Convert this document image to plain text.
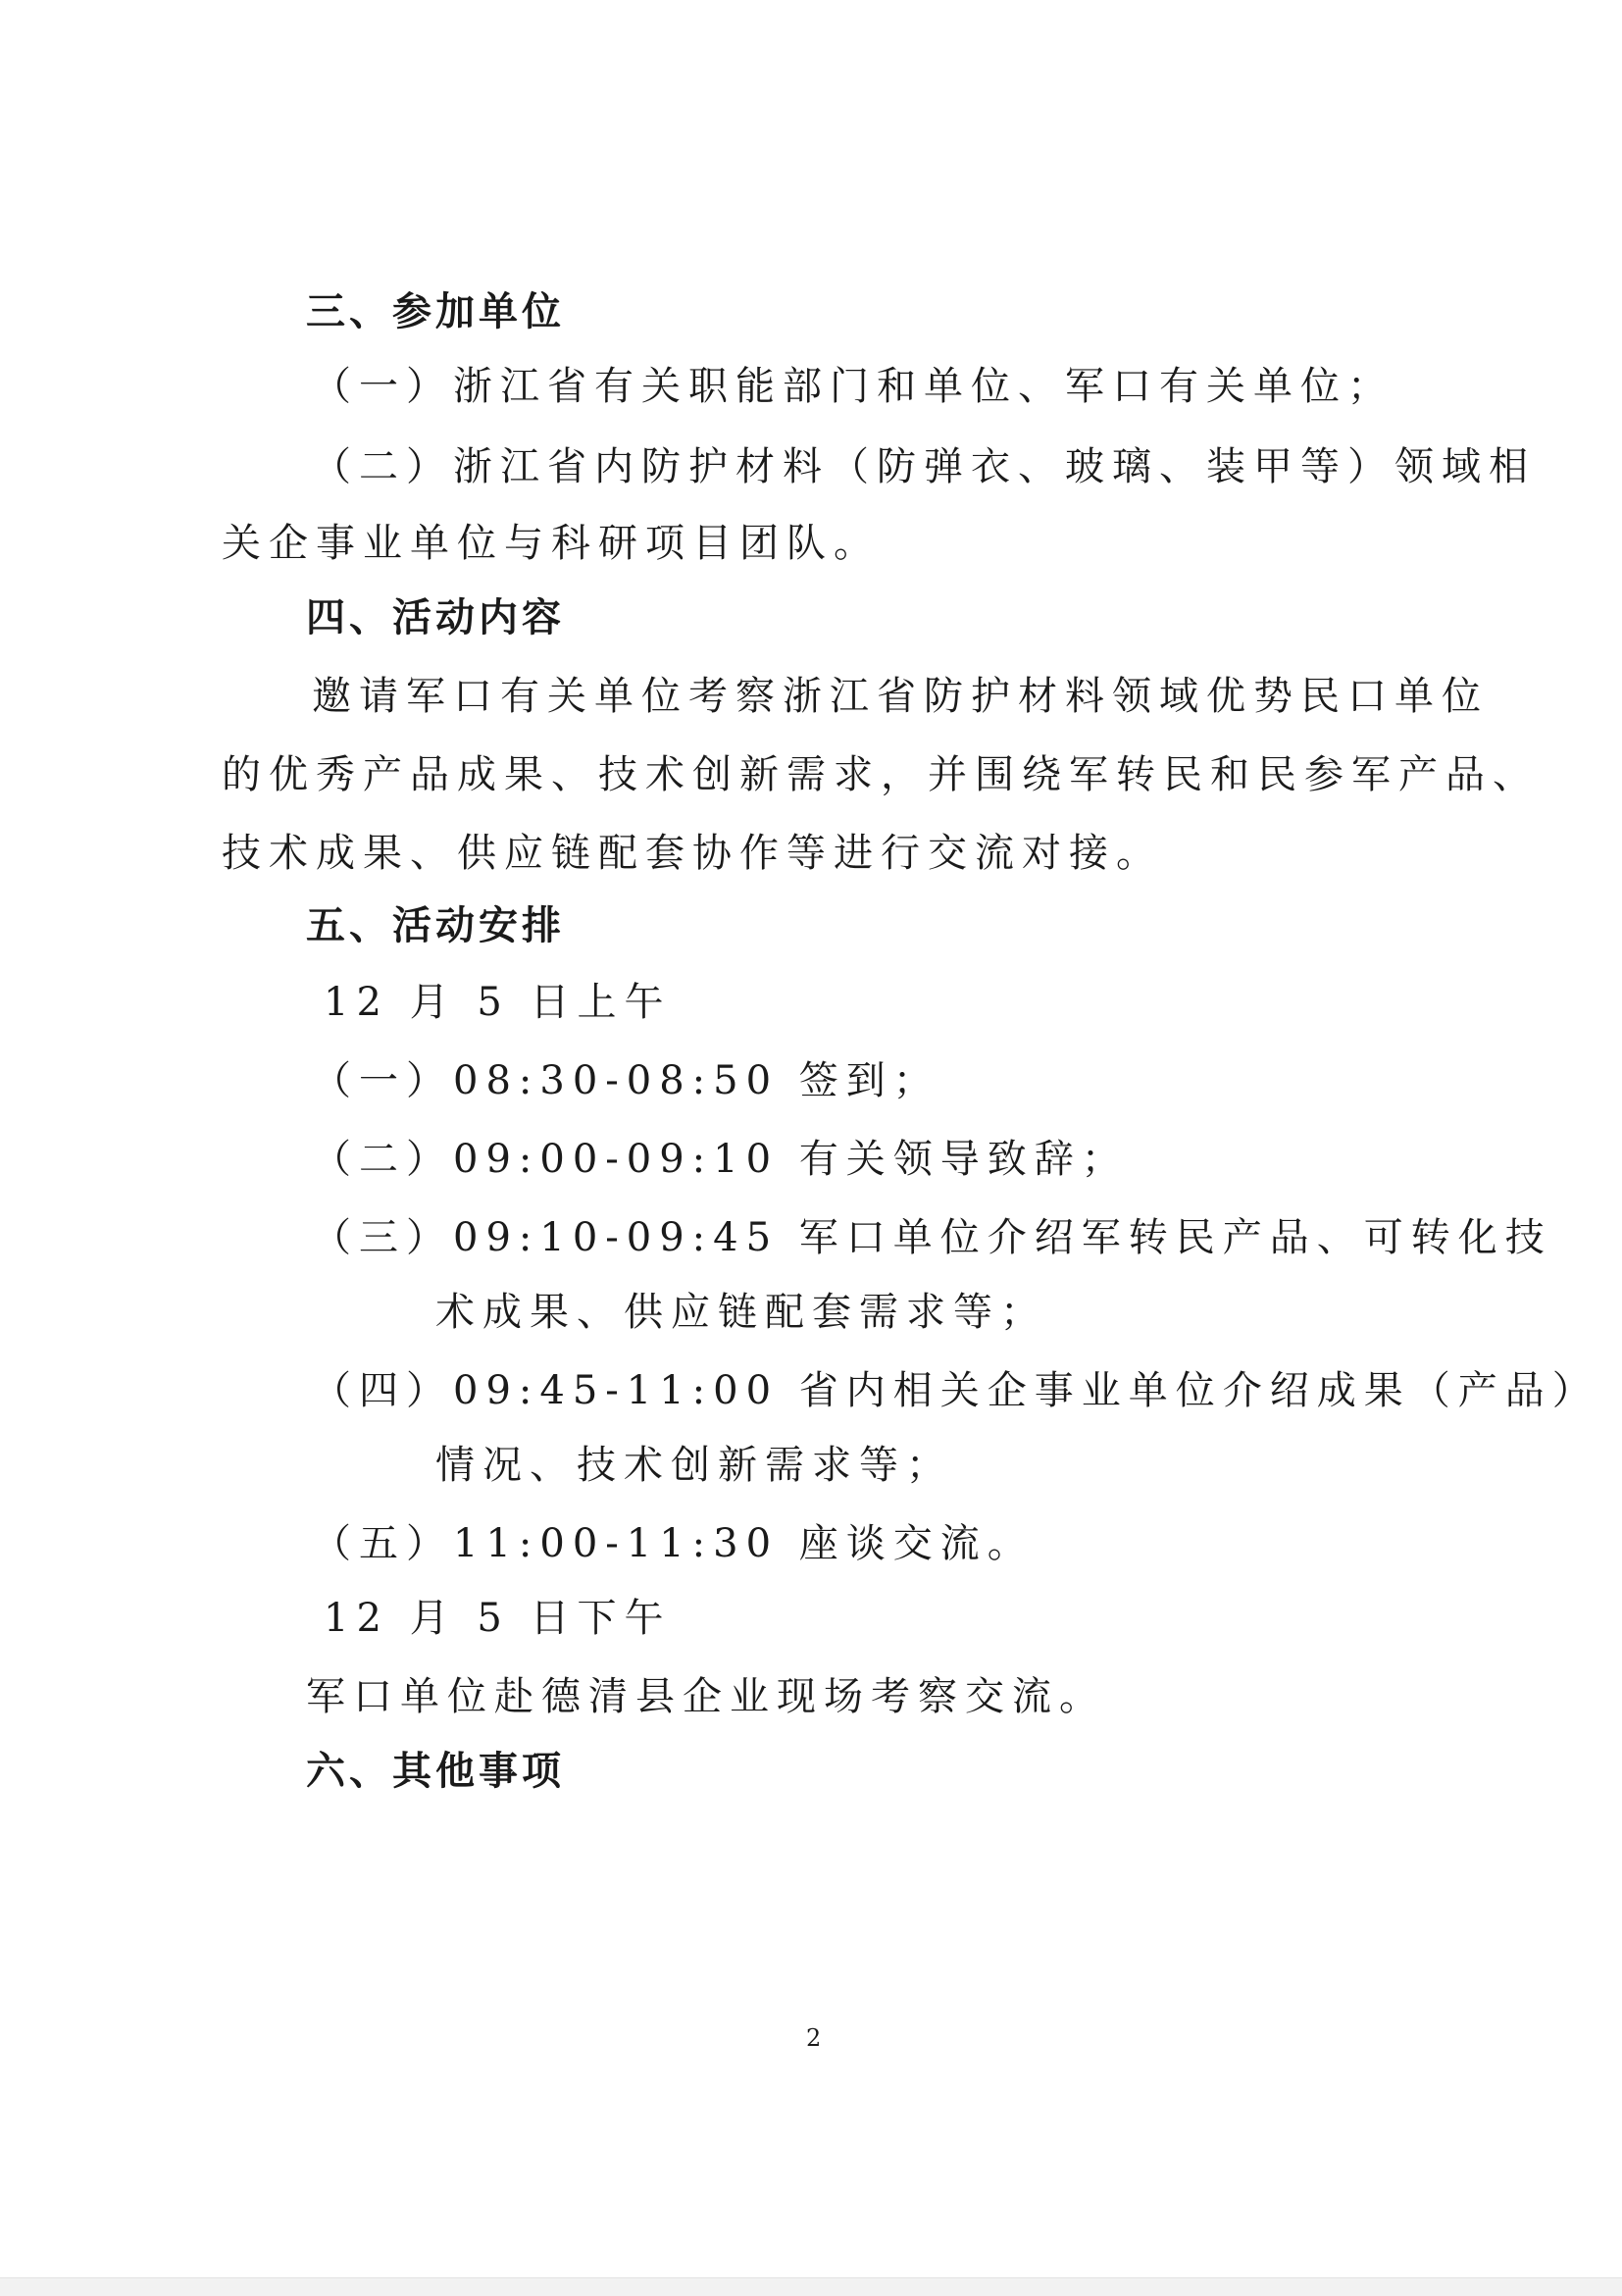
三、参加单位
（一）浙江省有关职能部门和单位、军口有关单位；
（二）浙江省内防护材料（防弹衣、玻璃、装甲等）领域相
关企事业单位与科研项目团队。
四、活动内容
邀请军口有关单位考察浙江省防护材料领域优势民口单位
的优秀产品成果、技术创新需求，并围绕军转民和民参军产品、
技术成果、供应链配套协作等进行交流对接。
五、活动安排
12 月 5 日上午
（一）08:30-08:50 签到；
（二）09:00-09:10 有关领导致辞；
（三）09:10-09:45 军口单位介绍军转民产品、可转化技
术成果、供应链配套需求等；
（四）09:45-11:00 省内相关企事业单位介绍成果（产品）
情况、技术创新需求等；
（五）11:00-11:30 座谈交流。
12 月 5 日下午
军口单位赴德清县企业现场考察交流。
六、其他事项
2
